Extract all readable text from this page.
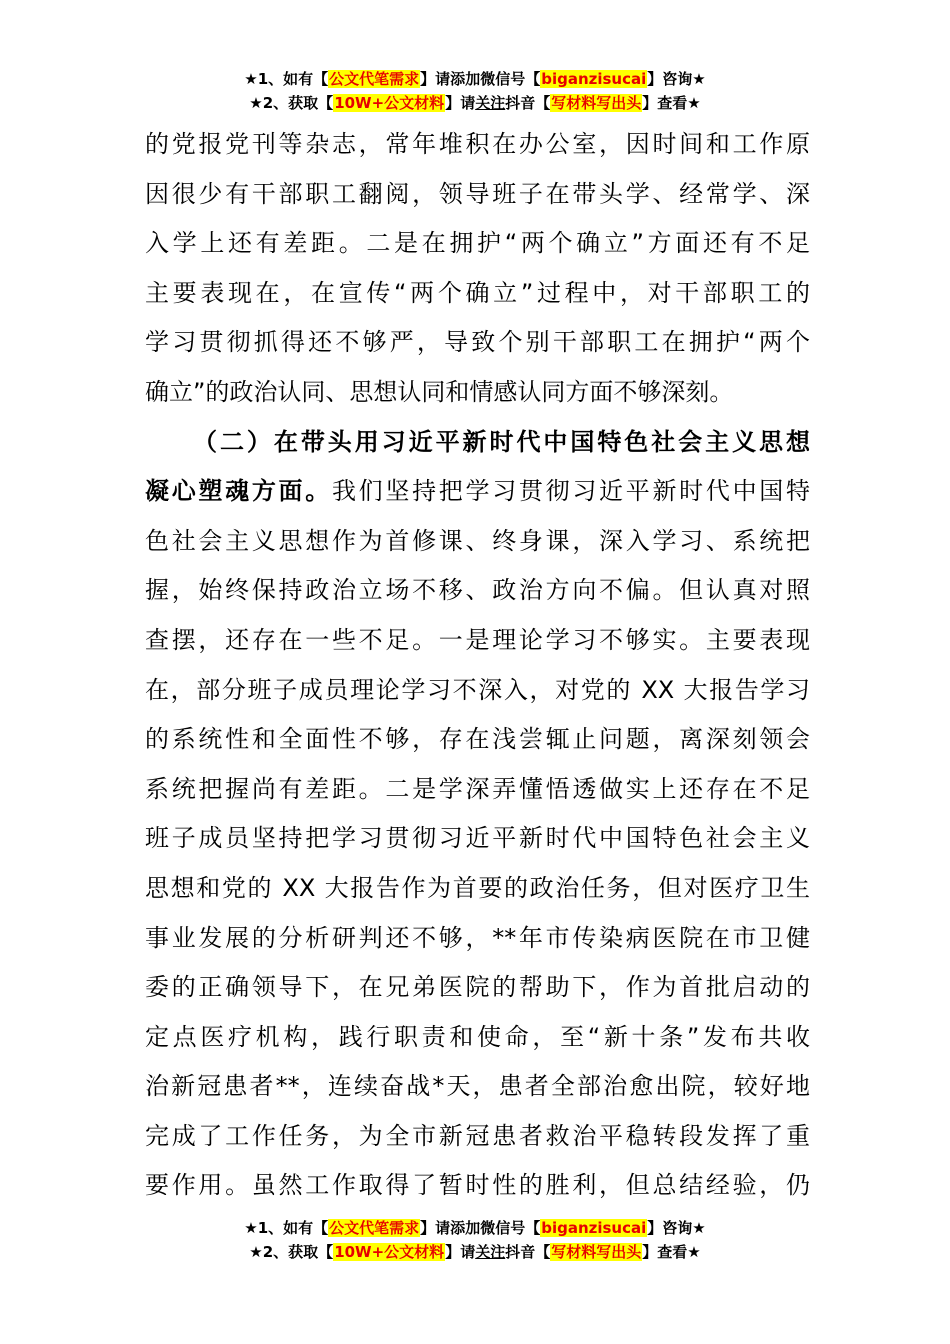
★1、如有【公文代笔需求】请添加微信号【biganzisucai】咨询★
★2、获取【10W+公文材料】请关注抖音【写材料写出头】查看★
的党报党刊等杂志，常年堆积在办公室，因时间和工作原
因很少有干部职工翻阅，领导班子在带头学、经常学、深
入学上还有差距。二是在拥护“两个确立”方面还有不足
主要表现在，在宣传“两个确立”过程中，对干部职工的
学习贯彻抓得还不够严，导致个别干部职工在拥护“两个
确立”的政治认同、思想认同和情感认同方面不够深刻。
（二）在带头用习近平新时代中国特色社会主义思想
凝心塑魂方面。我们坚持把学习贯彻习近平新时代中国特
色社会主义思想作为首修课、终身课，深入学习、系统把
握，始终保持政治立场不移、政治方向不偏。但认真对照
查摆，还存在一些不足。一是理论学习不够实。主要表现
在，部分班子成员理论学习不深入，对党的 XX 大报告学习
的系统性和全面性不够，存在浅尝辄止问题，离深刻领会
系统把握尚有差距。二是学深弄懂悟透做实上还存在不足
班子成员坚持把学习贯彻习近平新时代中国特色社会主义
思想和党的 XX 大报告作为首要的政治任务，但对医疗卫生
事业发展的分析研判还不够，**年市传染病医院在市卫健
委的正确领导下，在兄弟医院的帮助下，作为首批启动的
定点医疗机构，践行职责和使命，至“新十条”发布共收
治新冠患者**，连续奋战*天，患者全部治愈出院，较好地
完成了工作任务，为全市新冠患者救治平稳转段发挥了重
要作用。虽然工作取得了暂时性的胜利，但总结经验，仍
★1、如有【公文代笔需求】请添加微信号【biganzisucai】咨询★
★2、获取【10W+公文材料】请关注抖音【写材料写出头】查看★
